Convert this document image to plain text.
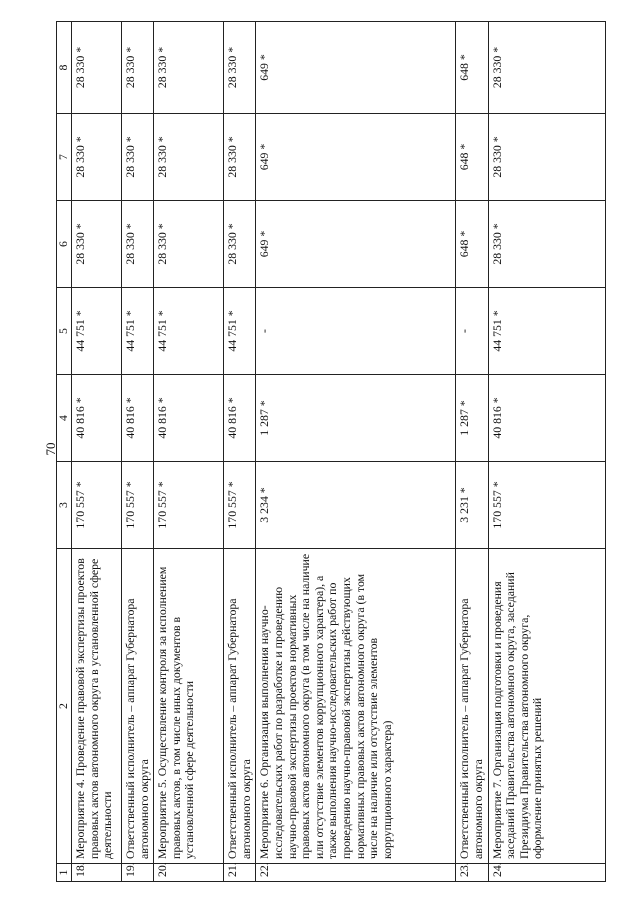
70
1	2	3	4	5	6	7	8
18.	Мероприятие 4. Проведение правовой экспертизы проектов правовых актов автономного округа в установленной сфере деятельности	170 557 *	40 816 *	44 751 *	28 330 *	28 330 *	28 330 *
19.	Ответственный исполнитель – аппарат Губернатора автономного округа	170 557 *	40 816 *	44 751 *	28 330 *	28 330 *	28 330 *
20.	Мероприятие 5. Осуществление контроля за исполнением правовых актов, в том числе иных документов в установленной сфере деятельности	170 557 *	40 816 *	44 751 *	28 330 *	28 330 *	28 330 *
21.	Ответственный исполнитель – аппарат Губернатора автономного округа	170 557 *	40 816 *	44 751 *	28 330 *	28 330 *	28 330 *
22.	Мероприятие 6. Организация выполнения научно-исследовательских работ по разработке и проведению научно-правовой экспертизы проектов нормативных правовых актов автономного округа (в том числе на наличие или отсутствие элементов коррупционного характера), а также выполнения научно-исследовательских работ по проведению научно-правовой экспертизы действующих нормативных правовых актов автономного округа (в том числе на наличие или отсутствие элементов коррупционного характера)	3 234 *	1 287 *	-	649 *	649 *	649 *
23.	Ответственный исполнитель – аппарат Губернатора автономного округа	3 231 *	1 287 *	-	648 *	648 *	648 *
24.	Мероприятие 7. Организация подготовки и проведения заседаний Правительства автономного округа, заседаний Президиума Правительства автономного округа, оформление принятых решений	170 557 *	40 816 *	44 751 *	28 330 *	28 330 *	28 330 *
